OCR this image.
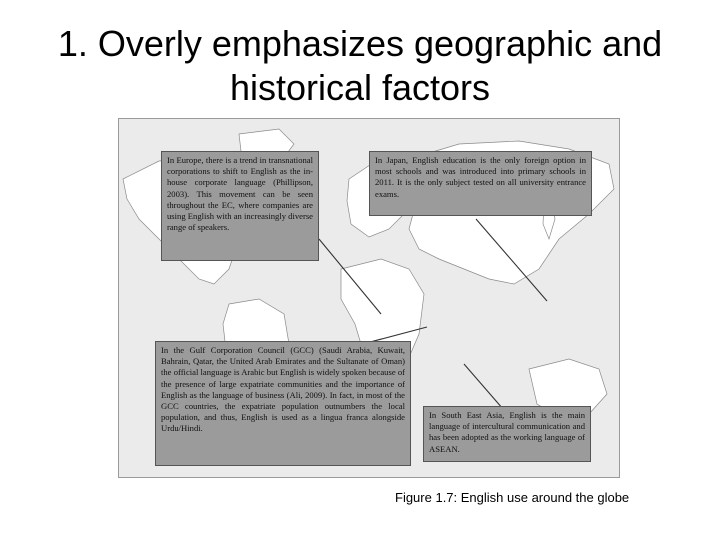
1. Overly emphasizes geographic and
historical factors
In Europe, there is a trend in transnational corporations to shift to English as the in-house corporate language (Phillipson, 2003). This movement can be seen throughout the EC, where companies are using English with an increasingly diverse range of speakers.
In Japan, English education is the only foreign option in most schools and was introduced into primary schools in 2011. It is the only subject tested on all university entrance exams.
In the Gulf Corporation Council (GCC) (Saudi Arabia, Kuwait, Bahrain, Qatar, the United Arab Emirates and the Sultanate of Oman) the official language is Arabic but English is widely spoken because of the presence of large expatriate communities and the importance of English as the language of business (Ali, 2009). In fact, in most of the GCC countries, the expatriate population outnumbers the local population, and thus, English is used as a lingua franca alongside Urdu/Hindi.
In South East Asia, English is the main language of intercultural communication and has been adopted as the working language of ASEAN.
Figure 1.7: English use around the globe
